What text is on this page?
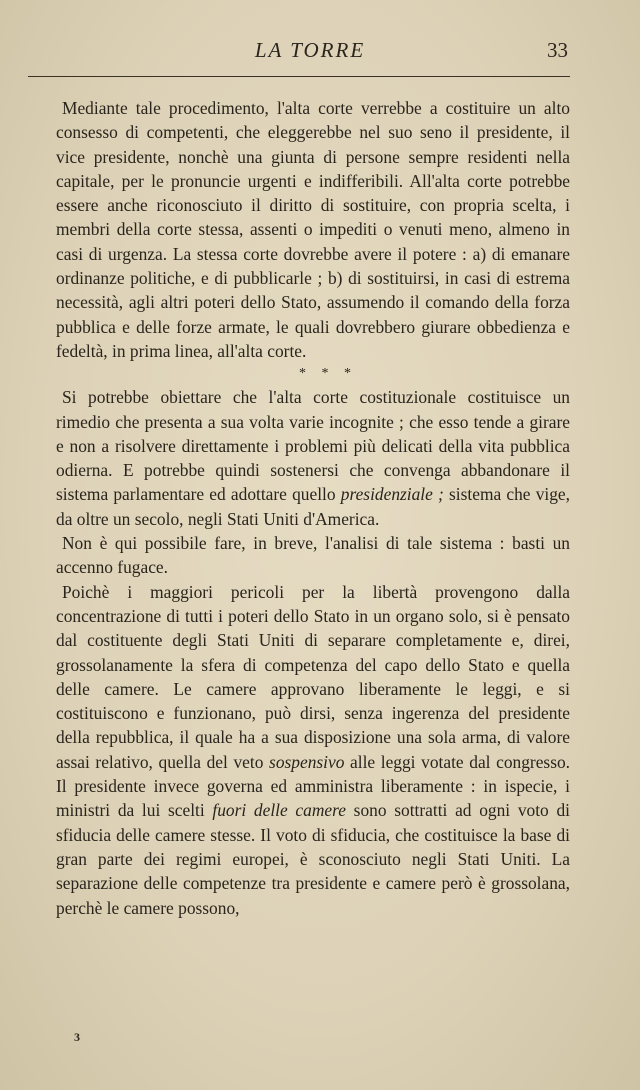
LA TORRE	33

Mediante tale procedimento, l'alta corte verrebbe a costituire un alto consesso di competenti, che eleggerebbe nel suo seno il presidente, il vice presidente, nonchè una giunta di persone sempre residenti nella capitale, per le pronuncie urgenti e indifferibili. All'alta corte potrebbe essere anche riconosciuto il diritto di sostituire, con propria scelta, i membri della corte stessa, assenti o impediti o venuti meno, almeno in casi di urgenza. La stessa corte dovrebbe avere il potere : a) di emanare ordinanze politiche, e di pubblicarle ; b) di sostituirsi, in casi di estrema necessità, agli altri poteri dello Stato, assumendo il comando della forza pubblica e delle forze armate, le quali dovrebbero giurare obbedienza e fedeltà, in prima linea, all'alta corte.

* * *

Si potrebbe obiettare che l'alta corte costituzionale costituisce un rimedio che presenta a sua volta varie incognite ; che esso tende a girare e non a risolvere direttamente i problemi più delicati della vita pubblica odierna. E potrebbe quindi sostenersi che convenga abbandonare il sistema parlamentare ed adottare quello presidenziale ; sistema che vige, da oltre un secolo, negli Stati Uniti d'America.

Non è qui possibile fare, in breve, l'analisi di tale sistema : basti un accenno fugace.

Poichè i maggiori pericoli per la libertà provengono dalla concentrazione di tutti i poteri dello Stato in un organo solo, si è pensato dal costituente degli Stati Uniti di separare completamente e, direi, grossolanamente la sfera di competenza del capo dello Stato e quella delle camere. Le camere approvano liberamente le leggi, e si costituiscono e funzionano, può dirsi, senza ingerenza del presidente della repubblica, il quale ha a sua disposizione una sola arma, di valore assai relativo, quella del veto sospensivo alle leggi votate dal congresso. Il presidente invece governa ed amministra liberamente : in ispecie, i ministri da lui scelti fuori delle camere sono sottratti ad ogni voto di sfiducia delle camere stesse. Il voto di sfiducia, che costituisce la base di gran parte dei regimi europei, è sconosciuto negli Stati Uniti. La separazione delle competenze tra presidente e camere però è grossolana, perchè le camere possono,

3
